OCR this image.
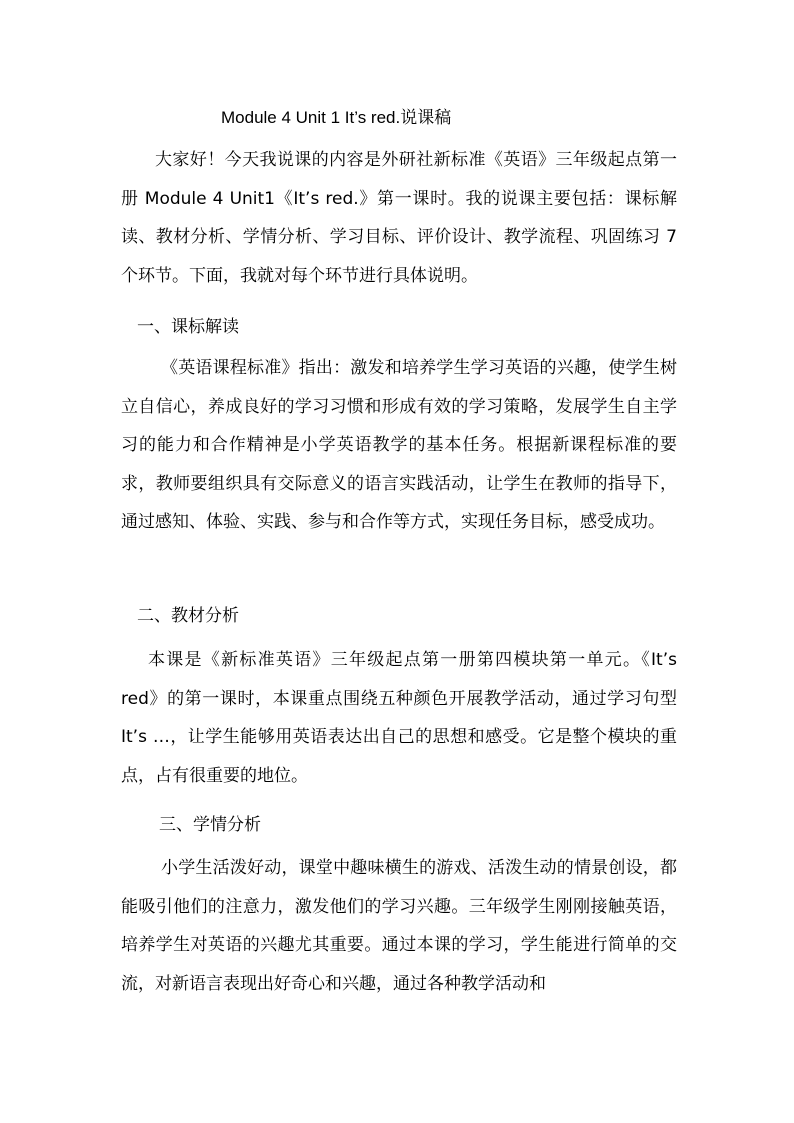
Module 4 Unit 1 It’s red.说课稿

大家好！今天我说课的内容是外研社新标准《英语》三年级起点第一册 Module 4 Unit1《It’s red.》第一课时。我的说课主要包括：课标解读、教材分析、学情分析、学习目标、评价设计、教学流程、巩固练习 7 个环节。下面，我就对每个环节进行具体说明。

一、课标解读

《英语课程标准》指出：激发和培养学生学习英语的兴趣，使学生树立自信心，养成良好的学习习惯和形成有效的学习策略，发展学生自主学习的能力和合作精神是小学英语教学的基本任务。根据新课程标准的要求，教师要组织具有交际意义的语言实践活动，让学生在教师的指导下，通过感知、体验、实践、参与和合作等方式，实现任务目标，感受成功。

二、教材分析

本课是《新标准英语》三年级起点第一册第四模块第一单元。《It’s red》的第一课时，本课重点围绕五种颜色开展教学活动，通过学习句型 It’s …，让学生能够用英语表达出自己的思想和感受。它是整个模块的重点，占有很重要的地位。

三、学情分析

小学生活泼好动，课堂中趣味横生的游戏、活泼生动的情景创设，都能吸引他们的注意力，激发他们的学习兴趣。三年级学生刚刚接触英语，培养学生对英语的兴趣尤其重要。通过本课的学习，学生能进行简单的交流，对新语言表现出好奇心和兴趣，通过各种教学活动和
